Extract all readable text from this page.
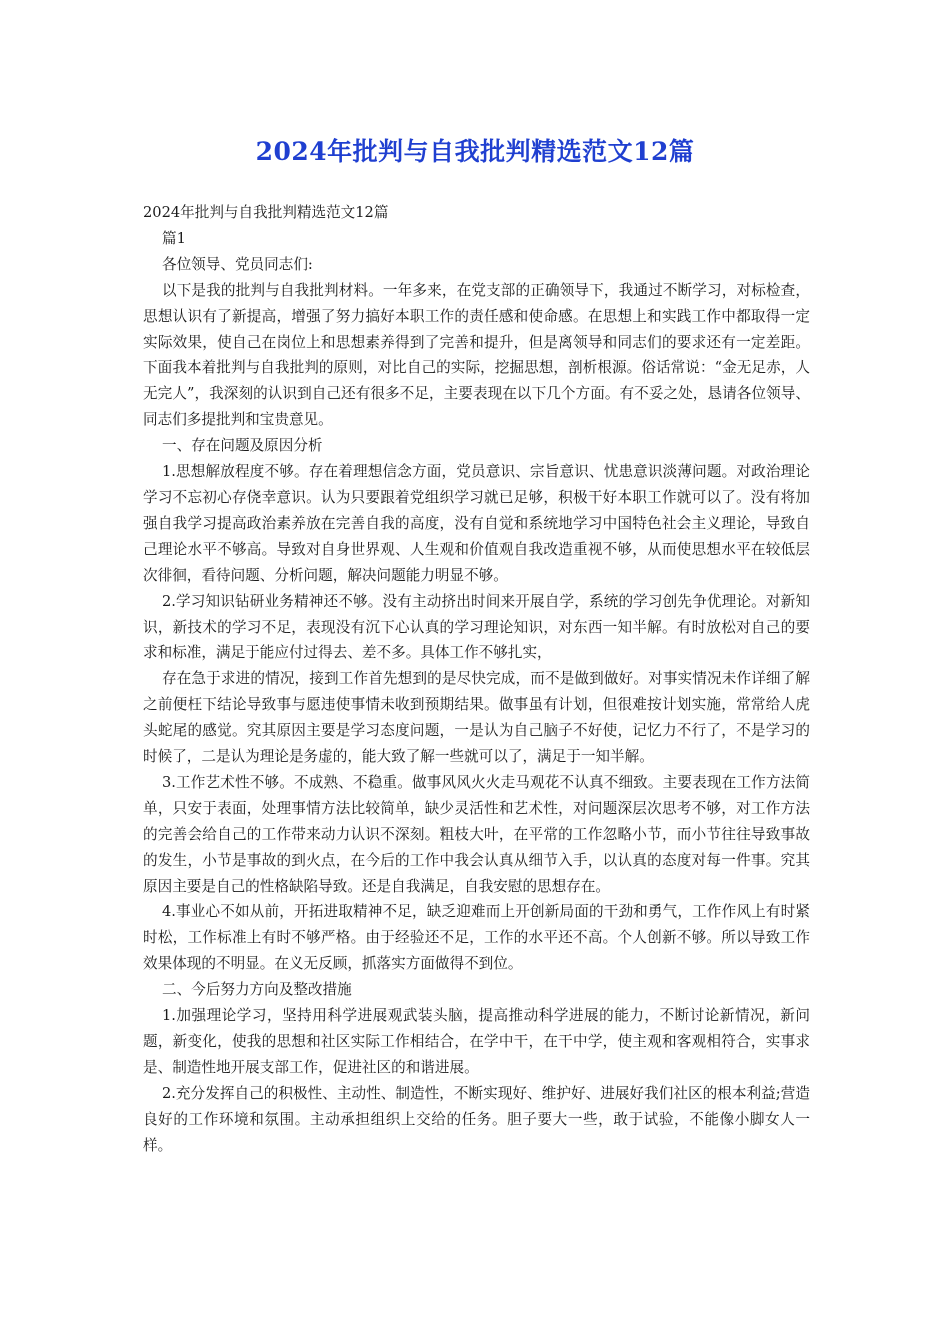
2024年批判与自我批判精选范文12篇

2024年批判与自我批判精选范文12篇

篇1

各位领导、党员同志们:

以下是我的批判与自我批判材料。一年多来，在党支部的正确领导下，我通过不断学习，对标检查，思想认识有了新提高，增强了努力搞好本职工作的责任感和使命感。在思想上和实践工作中都取得一定实际效果，使自己在岗位上和思想素养得到了完善和提升，但是离领导和同志们的要求还有一定差距。下面我本着批判与自我批判的原则，对比自己的实际，挖掘思想，剖析根源。俗话常说：“金无足赤，人无完人”，我深刻的认识到自己还有很多不足，主要表现在以下几个方面。有不妥之处，恳请各位领导、同志们多提批判和宝贵意见。

一、存在问题及原因分析

1.思想解放程度不够。存在着理想信念方面，党员意识、宗旨意识、忧患意识淡薄问题。对政治理论学习不忘初心存侥幸意识。认为只要跟着党组织学习就已足够，积极干好本职工作就可以了。没有将加强自我学习提高政治素养放在完善自我的高度，没有自觉和系统地学习中国特色社会主义理论，导致自己理论水平不够高。导致对自身世界观、人生观和价值观自我改造重视不够，从而使思想水平在较低层次徘徊，看待问题、分析问题，解决问题能力明显不够。

2.学习知识钻研业务精神还不够。没有主动挤出时间来开展自学，系统的学习创先争优理论。对新知识，新技术的学习不足，表现没有沉下心认真的学习理论知识，对东西一知半解。有时放松对自己的要求和标准，满足于能应付过得去、差不多。具体工作不够扎实，

存在急于求进的情况，接到工作首先想到的是尽快完成，而不是做到做好。对事实情况未作详细了解之前便枉下结论导致事与愿违使事情未收到预期结果。做事虽有计划，但很难按计划实施，常常给人虎头蛇尾的感觉。究其原因主要是学习态度问题，一是认为自己脑子不好使，记忆力不行了，不是学习的时候了，二是认为理论是务虚的，能大致了解一些就可以了，满足于一知半解。

3.工作艺术性不够。不成熟、不稳重。做事风风火火走马观花不认真不细致。主要表现在工作方法简单，只安于表面，处理事情方法比较简单，缺少灵活性和艺术性，对问题深层次思考不够，对工作方法的完善会给自己的工作带来动力认识不深刻。粗枝大叶，在平常的工作忽略小节，而小节往往导致事故的发生，小节是事故的到火点，在今后的工作中我会认真从细节入手，以认真的态度对每一件事。究其原因主要是自己的性格缺陷导致。还是自我满足，自我安慰的思想存在。

4.事业心不如从前，开拓进取精神不足，缺乏迎难而上开创新局面的干劲和勇气，工作作风上有时紧时松，工作标准上有时不够严格。由于经验还不足，工作的水平还不高。个人创新不够。所以导致工作效果体现的不明显。在义无反顾，抓落实方面做得不到位。

二、今后努力方向及整改措施

1.加强理论学习，坚持用科学进展观武装头脑，提高推动科学进展的能力，不断讨论新情况，新问题，新变化，使我的思想和社区实际工作相结合，在学中干，在干中学，使主观和客观相符合，实事求是、制造性地开展支部工作，促进社区的和谐进展。

2.充分发挥自己的积极性、主动性、制造性，不断实现好、维护好、进展好我们社区的根本利益;营造良好的工作环境和氛围。主动承担组织上交给的任务。胆子要大一些，敢于试验，不能像小脚女人一样。
